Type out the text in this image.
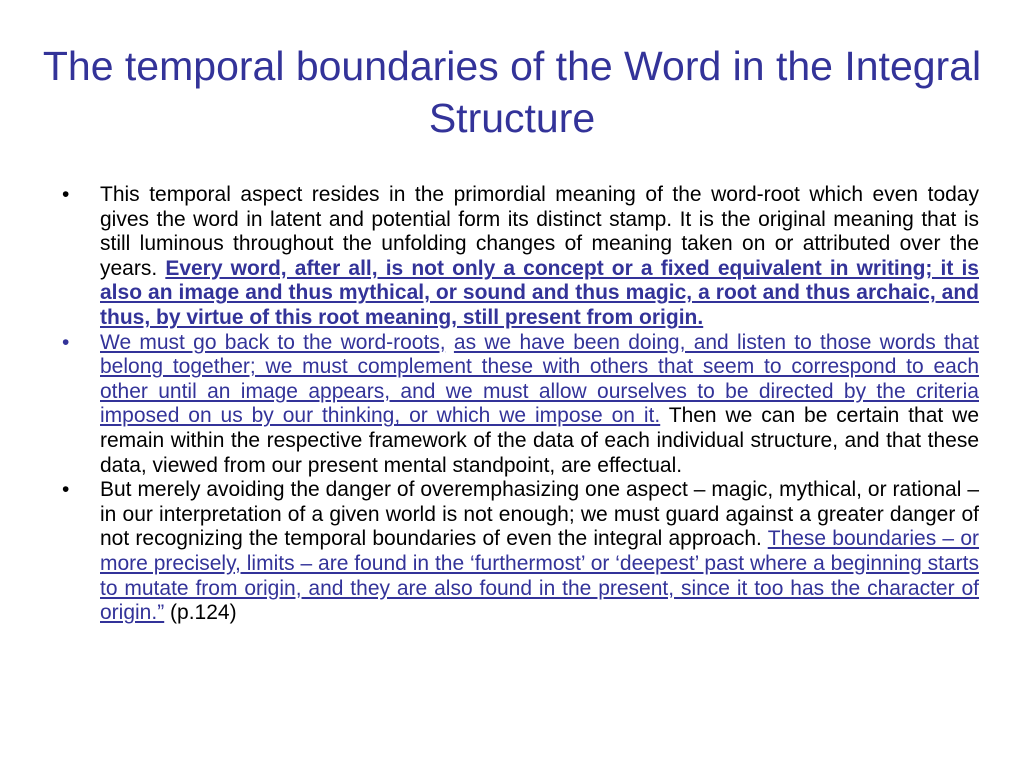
The temporal boundaries of the Word in the Integral Structure
• This temporal aspect resides in the primordial meaning of the word-root which even today gives the word in latent and potential form its distinct stamp. It is the original meaning that is still luminous throughout the unfolding changes of meaning taken on or attributed over the years. Every word, after all, is not only a concept or a fixed equivalent in writing; it is also an image and thus mythical, or sound and thus magic, a root and thus archaic, and thus, by virtue of this root meaning, still present from origin.
• We must go back to the word-roots, as we have been doing, and listen to those words that belong together; we must complement these with others that seem to correspond to each other until an image appears, and we must allow ourselves to be directed by the criteria imposed on us by our thinking, or which we impose on it. Then we can be certain that we remain within the respective framework of the data of each individual structure, and that these data, viewed from our present mental standpoint, are effectual.
• But merely avoiding the danger of overemphasizing one aspect – magic, mythical, or rational – in our interpretation of a given world is not enough; we must guard against a greater danger of not recognizing the temporal boundaries of even the integral approach. These boundaries – or more precisely, limits – are found in the ‘furthermost’ or ‘deepest’ past where a beginning starts to mutate from origin, and they are also found in the present, since it too has the character of origin.” (p.124)
